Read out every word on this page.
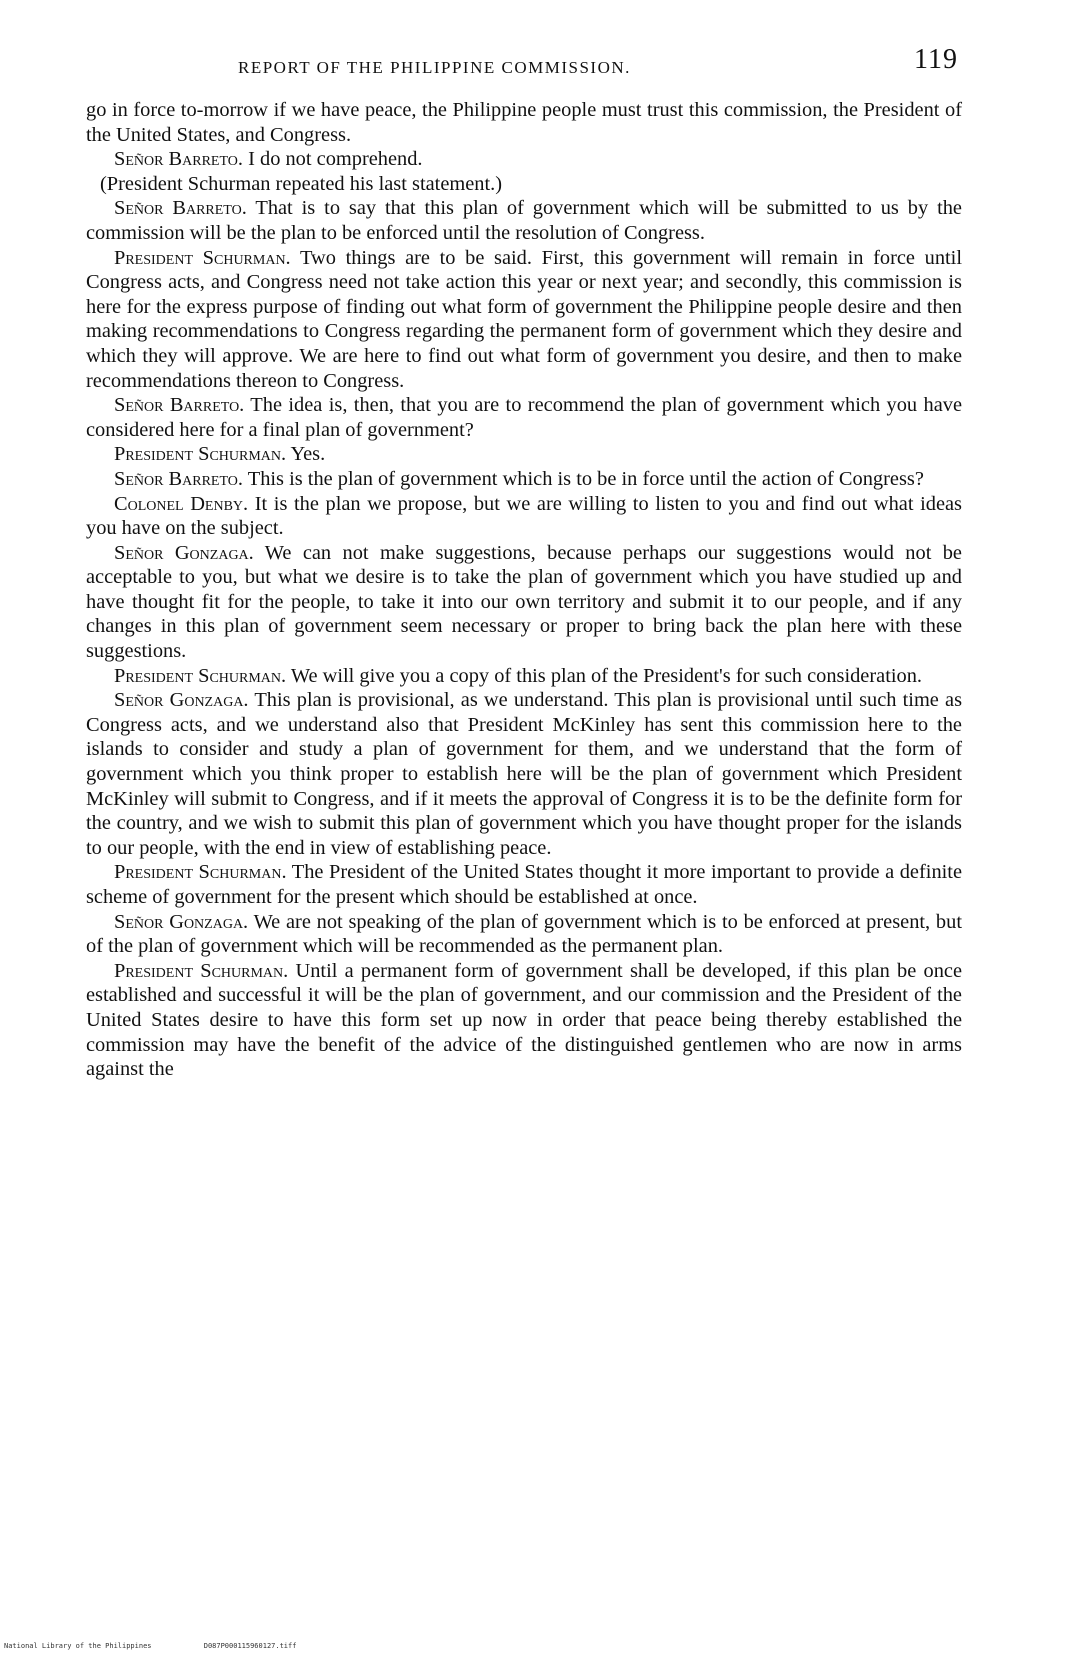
REPORT OF THE PHILIPPINE COMMISSION.	119

go in force to-morrow if we have peace, the Philippine people must trust this commission, the President of the United States, and Congress.

Señor Barreto. I do not comprehend.

(President Schurman repeated his last statement.)

Señor Barreto. That is to say that this plan of government which will be submitted to us by the commission will be the plan to be enforced until the resolution of Congress.

President Schurman. Two things are to be said. First, this government will remain in force until Congress acts, and Congress need not take action this year or next year; and secondly, this commission is here for the express purpose of finding out what form of government the Philippine people desire and then making recommendations to Congress regarding the permanent form of government which they desire and which they will approve. We are here to find out what form of government you desire, and then to make recommendations thereon to Congress.

Señor Barreto. The idea is, then, that you are to recommend the plan of government which you have considered here for a final plan of government?

President Schurman. Yes.

Señor Barreto. This is the plan of government which is to be in force until the action of Congress?

Colonel Denby. It is the plan we propose, but we are willing to listen to you and find out what ideas you have on the subject.

Señor Gonzaga. We can not make suggestions, because perhaps our suggestions would not be acceptable to you, but what we desire is to take the plan of government which you have studied up and have thought fit for the people, to take it into our own territory and submit it to our people, and if any changes in this plan of government seem necessary or proper to bring back the plan here with these suggestions.

President Schurman. We will give you a copy of this plan of the President's for such consideration.

Señor Gonzaga. This plan is provisional, as we understand. This plan is provisional until such time as Congress acts, and we understand also that President McKinley has sent this commission here to the islands to consider and study a plan of government for them, and we understand that the form of government which you think proper to establish here will be the plan of government which President McKinley will submit to Congress, and if it meets the approval of Congress it is to be the definite form for the country, and we wish to submit this plan of government which you have thought proper for the islands to our people, with the end in view of establishing peace.

President Schurman. The President of the United States thought it more important to provide a definite scheme of government for the present which should be established at once.

Señor Gonzaga. We are not speaking of the plan of government which is to be enforced at present, but of the plan of government which will be recommended as the permanent plan.

President Schurman. Until a permanent form of government shall be developed, if this plan be once established and successful it will be the plan of government, and our commission and the President of the United States desire to have this form set up now in order that peace being thereby established the commission may have the benefit of the advice of the distinguished gentlemen who are now in arms against the

National Library of the Philippines	D087P000115960127.tiff
